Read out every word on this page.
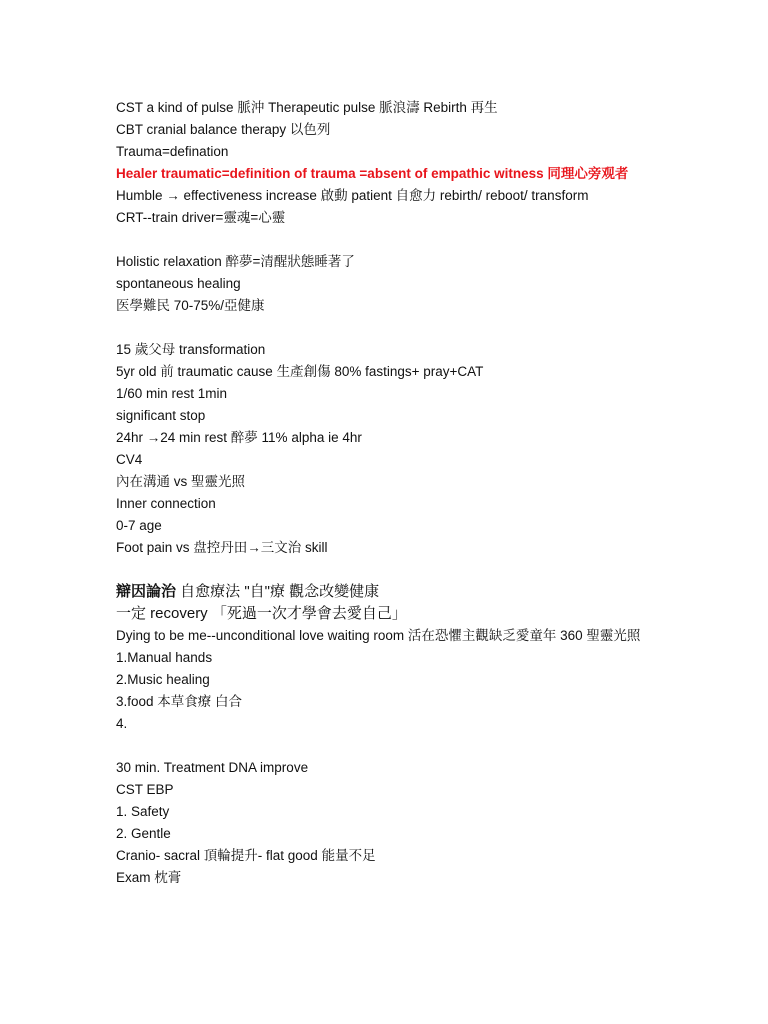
CST a kind of pulse 脈沖 Therapeutic pulse 脈浪濤 Rebirth 再生
CBT cranial balance therapy 以色列
Trauma=defination
Healer traumatic=definition of trauma =absent of empathic witness 同理心旁观者
Humble → effectiveness increase 啟動 patient 自愈力 rebirth/ reboot/ transform
CRT--train driver=靈魂=心靈
Holistic relaxation 醉夢=清醒狀態睡著了
spontaneous healing
医學難民 70-75%/亞健康
15 歲父母 transformation
5yr old 前 traumatic cause 生產創傷 80% fastings+ pray+CAT
1/60 min rest 1min
significant stop
24hr →24 min rest 醉夢 11% alpha ie 4hr
CV4
內在溝通 vs 聖靈光照
Inner connection
0-7 age
Foot pain vs 盘控丹田→三文治 skill
辯因論治 自愈療法 "自"療 觀念改變健康
一定 recovery 「死過一次才學會去愛自己」
Dying to be me--unconditional love waiting room 活在恐懼主觀缺乏愛童年 360 聖靈光照
1.Manual hands
2.Music healing
3.food 本草食療 白合
4.
30 min. Treatment DNA improve
CST EBP
1. Safety
2. Gentle
Cranio- sacral 頂輪提升- flat good 能量不足
Exam 枕膏
